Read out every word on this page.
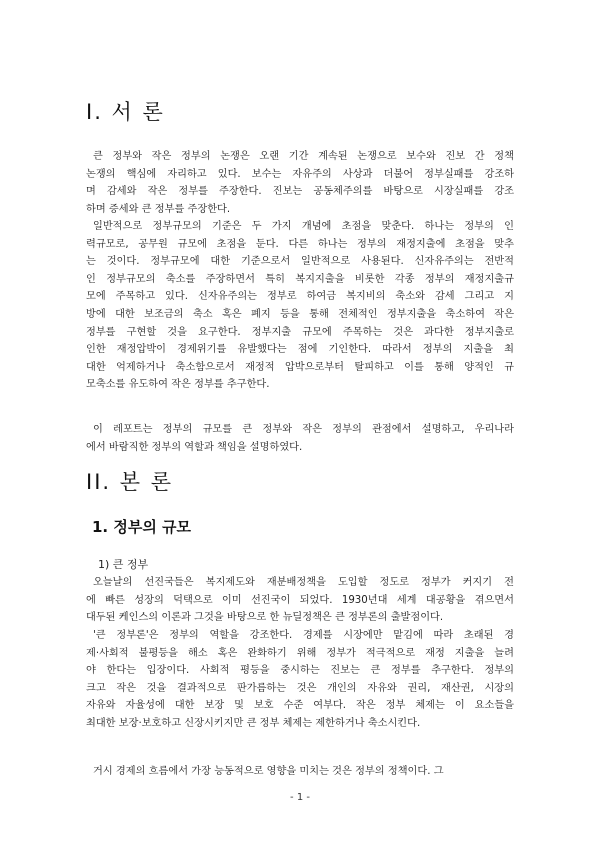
I. 서 론
큰 정부와 작은 정부의 논쟁은 오랜 기간 계속된 논쟁으로 보수와 진보 간 정책
논쟁의 핵심에 자리하고 있다. 보수는 자유주의 사상과 더불어 정부실패를 강조하
며 감세와 작은 정부를 주장한다. 진보는 공동체주의를 바탕으로 시장실패를 강조
하며 증세와 큰 정부를 주장한다.
일반적으로 정부규모의 기준은 두 가지 개념에 초점을 맞춘다. 하나는 정부의 인
력규모로, 공무원 규모에 초점을 둔다. 다른 하나는 정부의 재정지출에 초점을 맞추
는 것이다. 정부규모에 대한 기준으로서 일반적으로 사용된다. 신자유주의는 전반적
인 정부규모의 축소를 주장하면서 특히 복지지출을 비롯한 각종 정부의 재정지출규
모에 주목하고 있다. 신자유주의는 정부로 하여금 복지비의 축소와 감세 그리고 지
방에 대한 보조금의 축소 혹은 폐지 등을 통해 전체적인 정부지출을 축소하여 작은
정부를 구현할 것을 요구한다. 정부지출 규모에 주목하는 것은 과다한 정부지출로
인한 재정압박이 경제위기를 유발했다는 점에 기인한다. 따라서 정부의 지출을 최
대한 억제하거나 축소함으로서 재정적 압박으로부터 탈피하고 이를 통해 양적인 규
모축소를 유도하여 작은 정부를 추구한다.
이 레포트는 정부의 규모를 큰 정부와 작은 정부의 관점에서 설명하고, 우리나라
에서 바람직한 정부의 역할과 책임을 설명하였다.
II. 본 론
1. 정부의 규모
1) 큰 정부
오늘날의 선진국들은 복지제도와 재분배정책을 도입할 정도로 정부가 커지기 전
에 빠른 성장의 덕택으로 이미 선진국이 되었다. 1930년대 세계 대공황을 겪으면서
대두된 케인스의 이론과 그것을 바탕으로 한 뉴딜정책은 큰 정부론의 출발점이다.
'큰 정부론'은 정부의 역할을 강조한다. 경제를 시장에만 맡김에 따라 초래된 경
제·사회적 불평등을 해소 혹은 완화하기 위해 정부가 적극적으로 재정 지출을 늘려
야 한다는 입장이다. 사회적 평등을 중시하는 진보는 큰 정부를 추구한다. 정부의
크고 작은 것을 결과적으로 판가름하는 것은 개인의 자유와 권리, 재산권, 시장의
자유와 자율성에 대한 보장 및 보호 수준 여부다. 작은 정부 체제는 이 요소들을
최대한 보장·보호하고 신장시키지만 큰 정부 체제는 제한하거나 축소시킨다.
거시 경제의 흐름에서 가장 능동적으로 영향을 미치는 것은 정부의 정책이다. 그
- 1 -
